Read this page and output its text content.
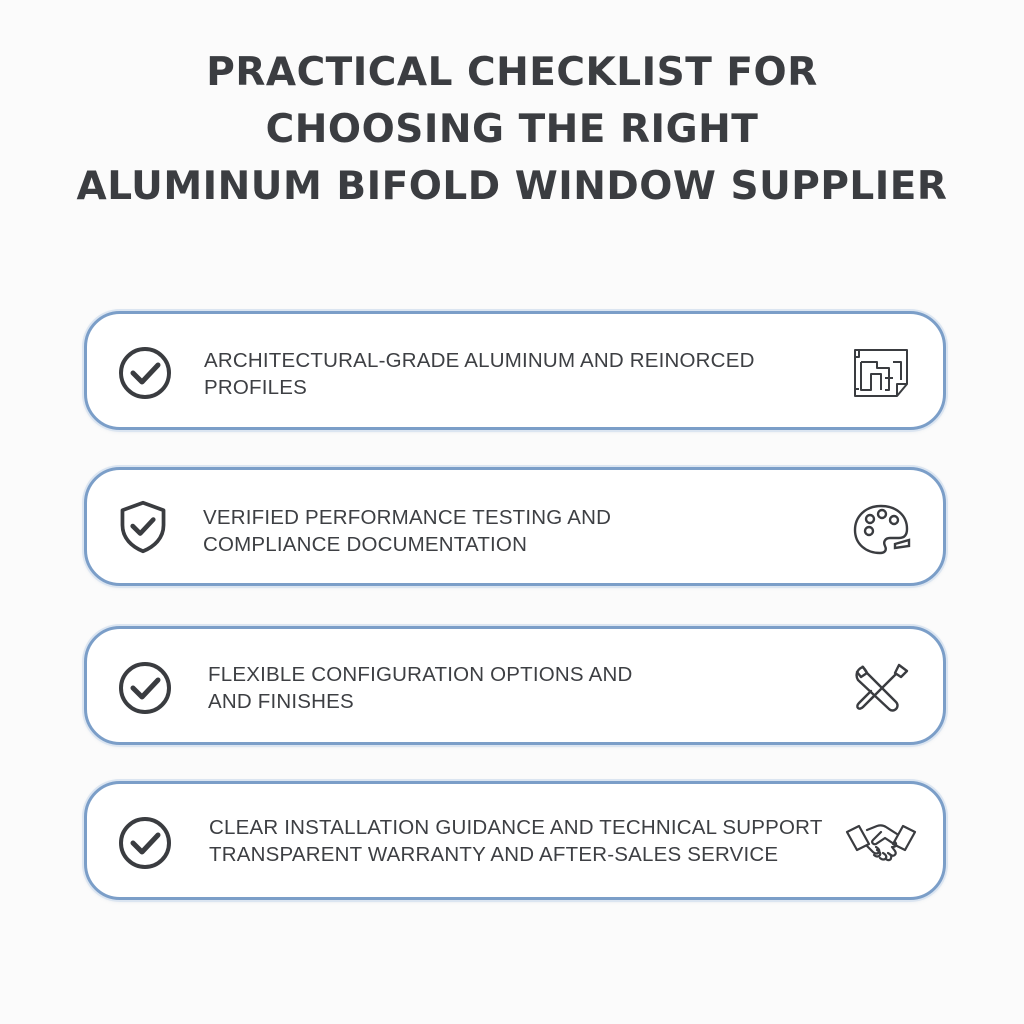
PRACTICAL CHECKLIST FOR
CHOOSING THE RIGHT
ALUMINUM BIFOLD WINDOW SUPPLIER
ARCHITECTURAL-GRADE ALUMINUM AND REINORCED
PROFILES
VERIFIED PERFORMANCE TESTING AND
COMPLIANCE DOCUMENTATION
FLEXIBLE CONFIGURATION OPTIONS AND
AND FINISHES
CLEAR INSTALLATION GUIDANCE AND TECHNICAL SUPPORT
TRANSPARENT WARRANTY AND AFTER-SALES SERVICE
